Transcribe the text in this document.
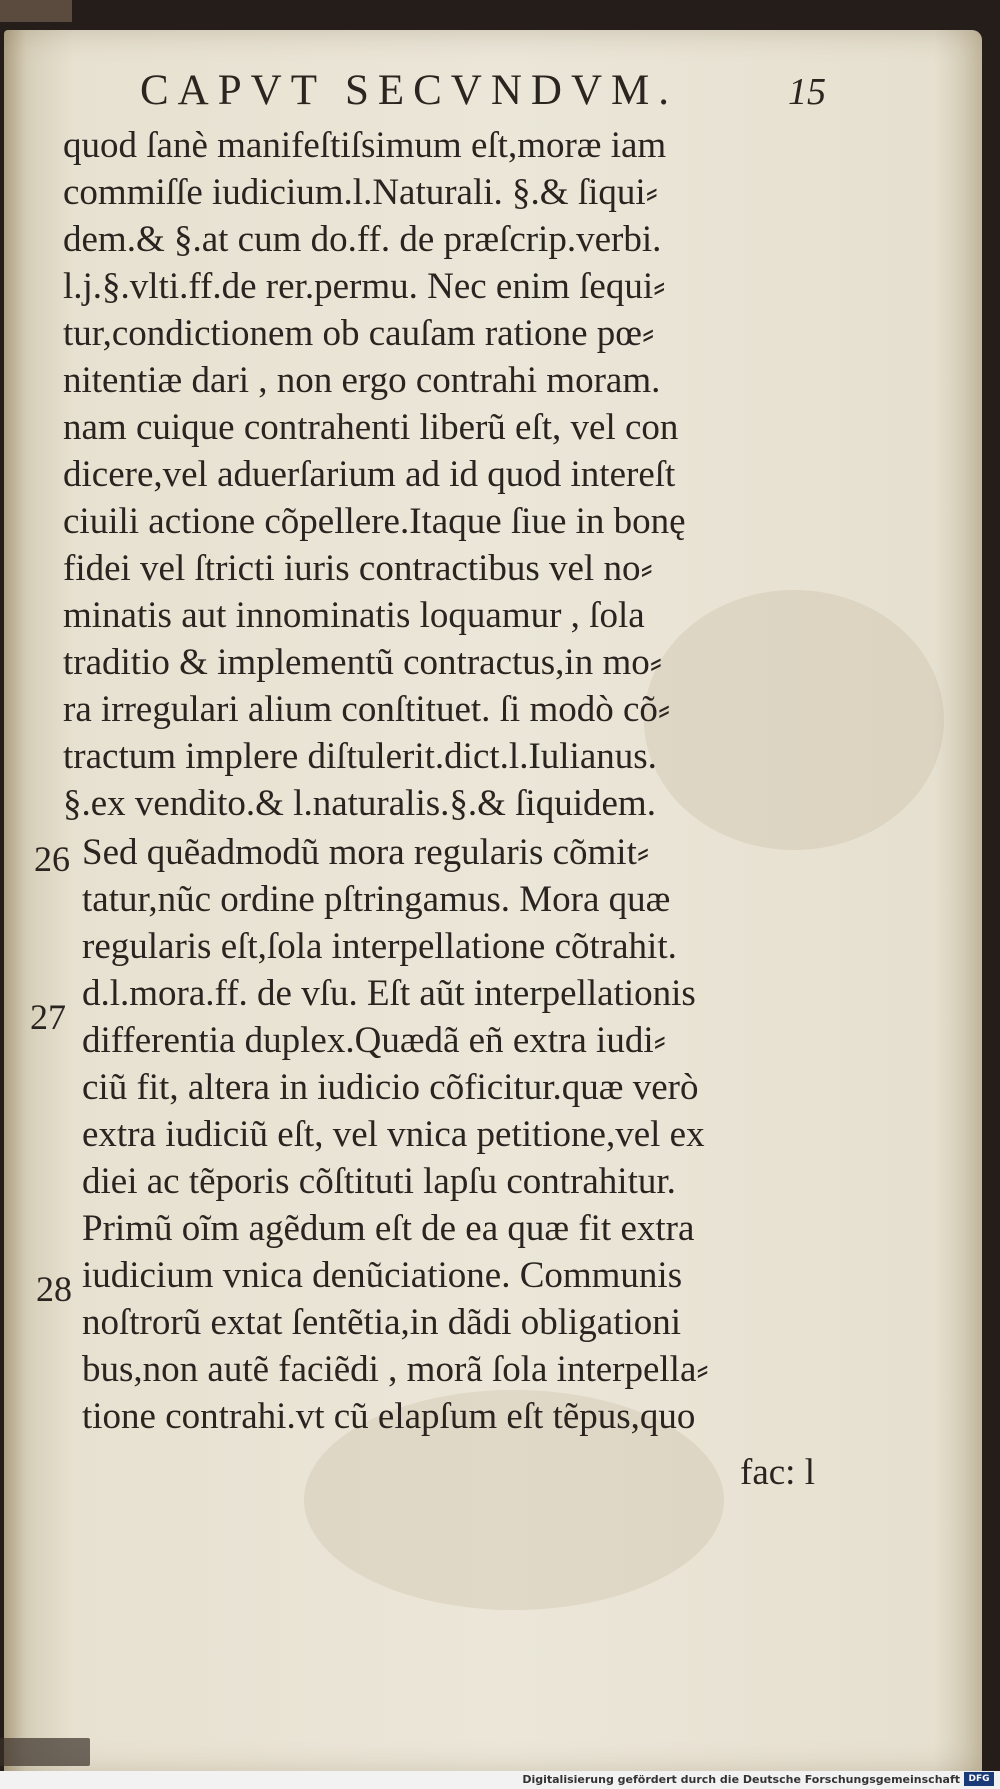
CAPVT SECVNDVM.	15
quod ſanè manifeſtiſsimum eſt,moræ iam
commiſſe iudicium.l.Naturali. §.& ſiqui⸗
dem.& §.at cum do.ff. de præſcrip.verbi.
l.j.§.vlti.ff.de rer.permu. Nec enim ſequi⸗
tur,condictionem ob cauſam ratione pœ⸗
nitentiæ dari , non ergo contrahi moram.
nam cuique contrahenti liberũ eſt, vel con
dicere,vel aduerſarium ad id quod intereſt
ciuili actione cõpellere.Itaque ſiue in bonę
fidei vel ſtricti iuris contractibus vel no⸗
minatis aut innominatis loquamur , ſola
traditio & implementũ contractus,in mo⸗
ra irregulari alium conſtituet. ſi modò cõ⸗
tractum implere diſtulerit.dict.l.Iulianus.
§.ex vendito.& l.naturalis.§.& ſiquidem.
Sed quẽadmodũ mora regularis cõmit⸗
tatur,nũc ordine pſtringamus. Mora quæ
regularis eſt,ſola interpellatione cõtrahit.
d.l.mora.ff. de vſu. Eſt aũt interpellationis
differentia duplex.Quædã eñ extra iudi⸗
ciũ fit, altera in iudicio cõficitur.quæ verò
extra iudiciũ eſt, vel vnica petitione,vel ex
diei ac tẽporis cõſtituti lapſu contrahitur.
Primũ oĩm agẽdum eſt de ea quæ fit extra
iudicium vnica denũciatione. Communis
noſtrorũ extat ſentẽtia,in dãdi obligationi
bus,non autẽ faciẽdi , morã ſola interpella⸗
tione contrahi.vt cũ elapſum eſt tẽpus,quo
fac: l
26
27
28
Digitalisierung gefördert durch die Deutsche Forschungsgemeinschaft DFG
